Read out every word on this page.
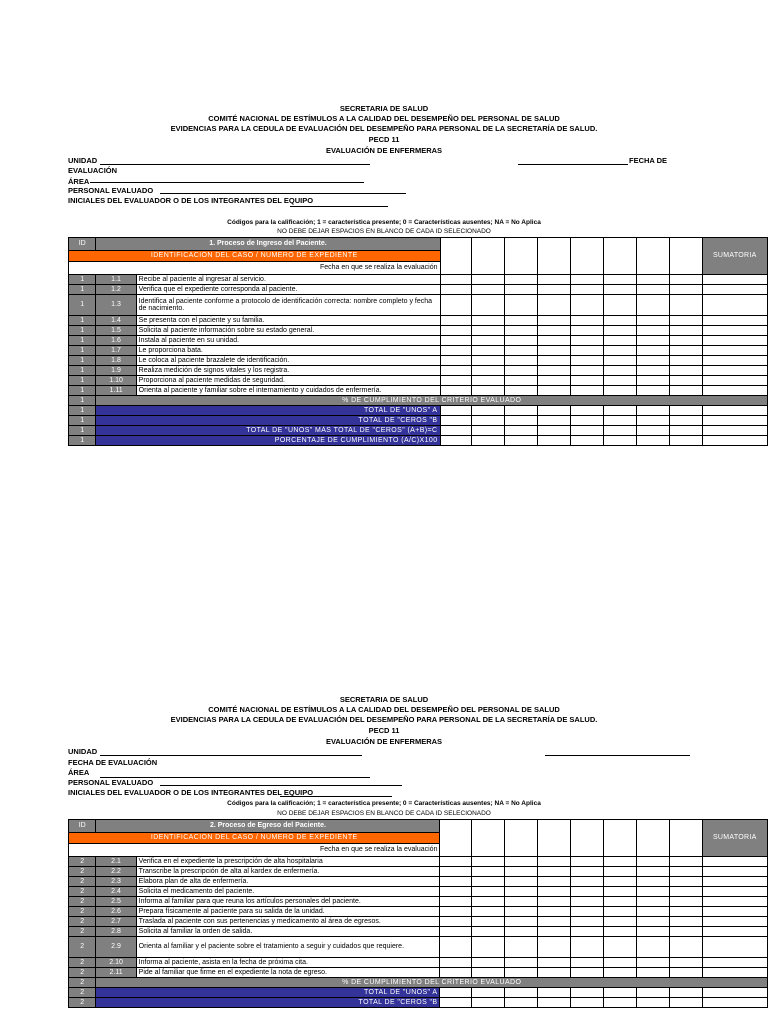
SECRETARIA DE SALUD
COMITÉ NACIONAL DE ESTÍMULOS A LA CALIDAD DEL DESEMPEÑO DEL PERSONAL DE SALUD
EVIDENCIAS PARA LA CEDULA DE EVALUACIÓN DEL DESEMPEÑO PARA PERSONAL DE LA SECRETARÍA DE SALUD.
PECD 11
EVALUACIÓN DE ENFERMERAS
UNIDAD	FECHA DE
EVALUACIÓN
ÁREA
PERSONAL EVALUADO
INICIALES DEL EVALUADOR O DE LOS INTEGRANTES DEL EQUIPO
Códigos para la calificación; 1 = característica presente; 0 = Características ausentes; NA = No Aplica
NO DEBE DEJAR ESPACIOS EN BLANCO DE CADA ID SELECIONADO
ID	1. Proceso de Ingreso del Paciente.										SUMATORIA
IDENTIFICACIÓN DEL CASO / NÚMERO DE EXPEDIENTE											
Fecha en que se realiza la evaluación											
1	1.1	Recibe al paciente al ingresar al servicio.									
1	1.2	Verifica que el expediente corresponda al paciente.									
1	1.3	Identifica al paciente conforme a protocolo de identificación correcta: nombre completo y fecha de nacimiento.									
1	1.4	Se presenta con el paciente y su familia.									
1	1.5	Solicita al paciente información sobre su estado general.									
1	1.6	Instala al paciente en su unidad.									
1	1.7	Le proporciona bata.									
1	1.8	Le coloca al paciente brazalete de identificación.									
1	1.9	Realiza medición de signos vitales y los registra.									
1	1.10	Proporciona al paciente medidas de seguridad.									
1	1.11	Orienta al paciente y familiar sobre el internamiento y cuidados de enfermería.									
1	% DE CUMPLIMIENTO DEL CRITERIO EVALUADO										
1	TOTAL DE "UNOS" A										
1	TOTAL DE "CEROS "B										
1	TOTAL DE "UNOS" MÁS TOTAL DE "CEROS" (A+B)=C										
1	PORCENTAJE DE CUMPLIMIENTO (A/C)X100										
SECRETARIA DE SALUD
COMITÉ NACIONAL DE ESTÍMULOS A LA CALIDAD DEL DESEMPEÑO DEL PERSONAL DE SALUD
EVIDENCIAS PARA LA CEDULA DE EVALUACIÓN DEL DESEMPEÑO PARA PERSONAL DE LA SECRETARÍA DE SALUD.
PECD 11
EVALUACIÓN DE ENFERMERAS
UNIDAD
FECHA DE EVALUACIÓN
ÁREA
PERSONAL EVALUADO
INICIALES DEL EVALUADOR O DE LOS INTEGRANTES DEL EQUIPO
Códigos para la calificación; 1 = característica presente; 0 = Características ausentes; NA = No Aplica
NO DEBE DEJAR ESPACIOS EN BLANCO DE CADA ID SELECIONADO
ID	2. Proceso de Egreso del Paciente.										SUMATORIA
IDENTIFICACIÓN DEL CASO / NÚMERO DE EXPEDIENTE											
Fecha en que se realiza la evaluación											
2	2.1	Verifica en el expediente la prescripción de alta hospitalaria									
2	2.2	Transcribe la prescripción de alta al kardex de enfermería.									
2	2.3	Elabora plan de alta de enfermería.									
2	2.4	Solicita el medicamento del paciente.									
2	2.5	Informa al familiar para que reuna los artículos personales del paciente.									
2	2.6	Prepara físicamente al paciente para su salida de la unidad.									
2	2.7	Traslada al paciente con sus pertenencias y medicamento al área de egresos.									
2	2.8	Solicita al familiar la orden de salida.									
2	2.9	Orienta al familiar y el paciente sobre el tratamiento a seguir y cuidados que requiere.									
2	2.10	Informa al paciente, asista en la fecha de próxima cita.									
2	2.11	Pide al familiar que firme en el expediente la nota de egreso.									
2	% DE CUMPLIMIENTO DEL CRITERIO EVALUADO										
2	TOTAL DE "UNOS" A										
2	TOTAL DE "CEROS "B										
